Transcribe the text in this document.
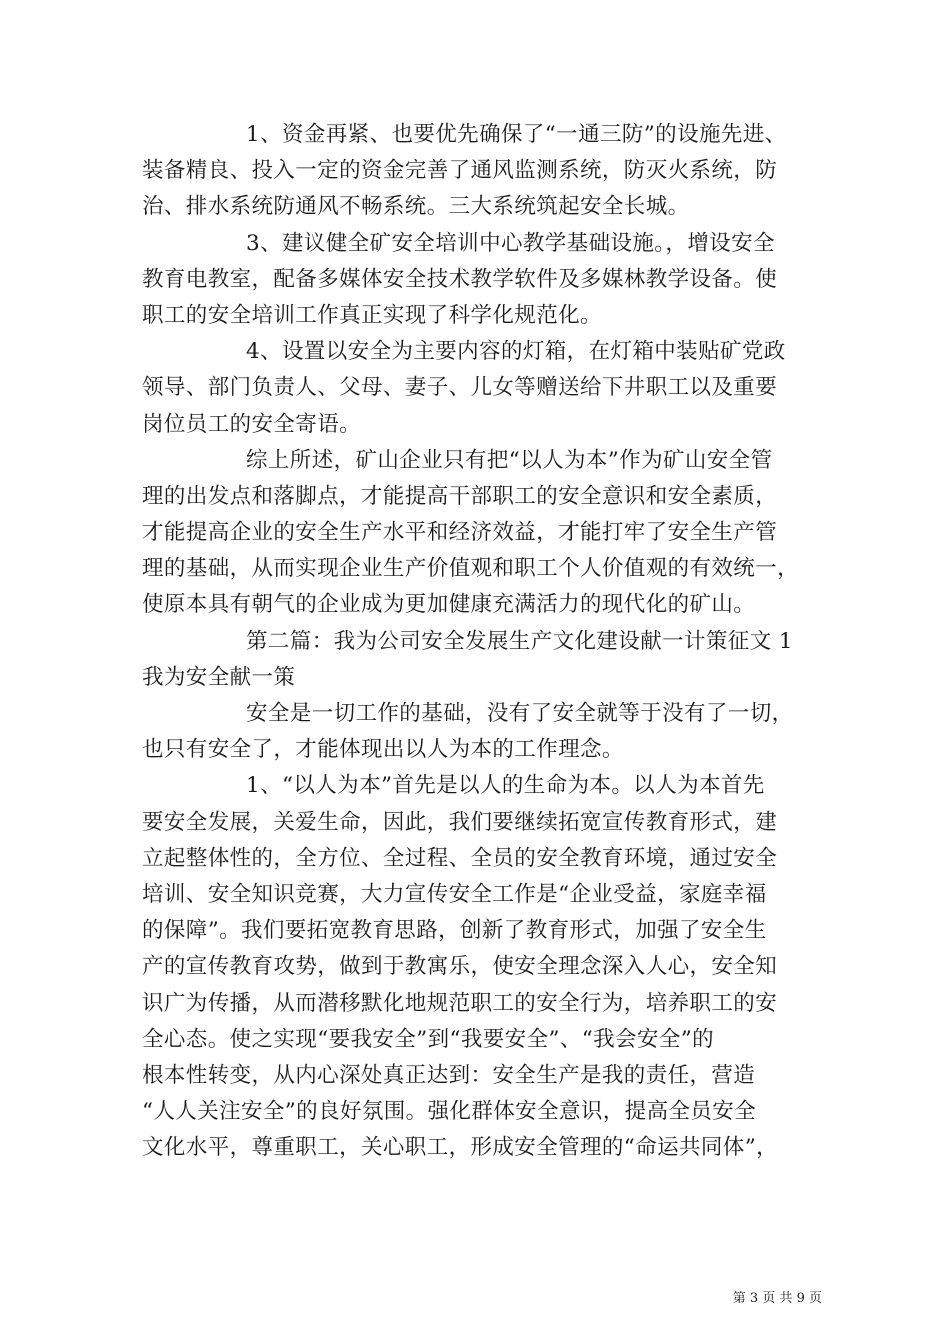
1、资金再紧、也要优先确保了“一通三防”的设施先进、
装备精良、投入一定的资金完善了通风监测系统，防灭火系统，防
治、排水系统防通风不畅系统。三大系统筑起安全长城。
3、建议健全矿安全培训中心教学基础设施。，增设安全
教育电教室，配备多媒体安全技术教学软件及多媒林教学设备。使
职工的安全培训工作真正实现了科学化规范化。
4、设置以安全为主要内容的灯箱，在灯箱中装贴矿党政
领导、部门负责人、父母、妻子、儿女等赠送给下井职工以及重要
岗位员工的安全寄语。
综上所述，矿山企业只有把“以人为本”作为矿山安全管
理的出发点和落脚点，才能提高干部职工的安全意识和安全素质，
才能提高企业的安全生产水平和经济效益，才能打牢了安全生产管
理的基础，从而实现企业生产价值观和职工个人价值观的有效统一，
使原本具有朝气的企业成为更加健康充满活力的现代化的矿山。
第二篇：我为公司安全发展生产文化建设献一计策征文 1
我为安全献一策
安全是一切工作的基础，没有了安全就等于没有了一切，
也只有安全了，才能体现出以人为本的工作理念。
1、“以人为本”首先是以人的生命为本。以人为本首先
要安全发展，关爱生命，因此，我们要继续拓宽宣传教育形式，建
立起整体性的，全方位、全过程、全员的安全教育环境，通过安全
培训、安全知识竞赛，大力宣传安全工作是“企业受益，家庭幸福
的保障”。我们要拓宽教育思路，创新了教育形式，加强了安全生
产的宣传教育攻势，做到于教寓乐，使安全理念深入人心，安全知
识广为传播，从而潜移默化地规范职工的安全行为，培养职工的安
全心态。使之实现“要我安全”到“我要安全”、“我会安全”的
根本性转变，从内心深处真正达到：安全生产是我的责任，营造
“人人关注安全”的良好氛围。强化群体安全意识，提高全员安全
文化水平，尊重职工，关心职工，形成安全管理的“命运共同体”，
第 3 页 共 9 页
